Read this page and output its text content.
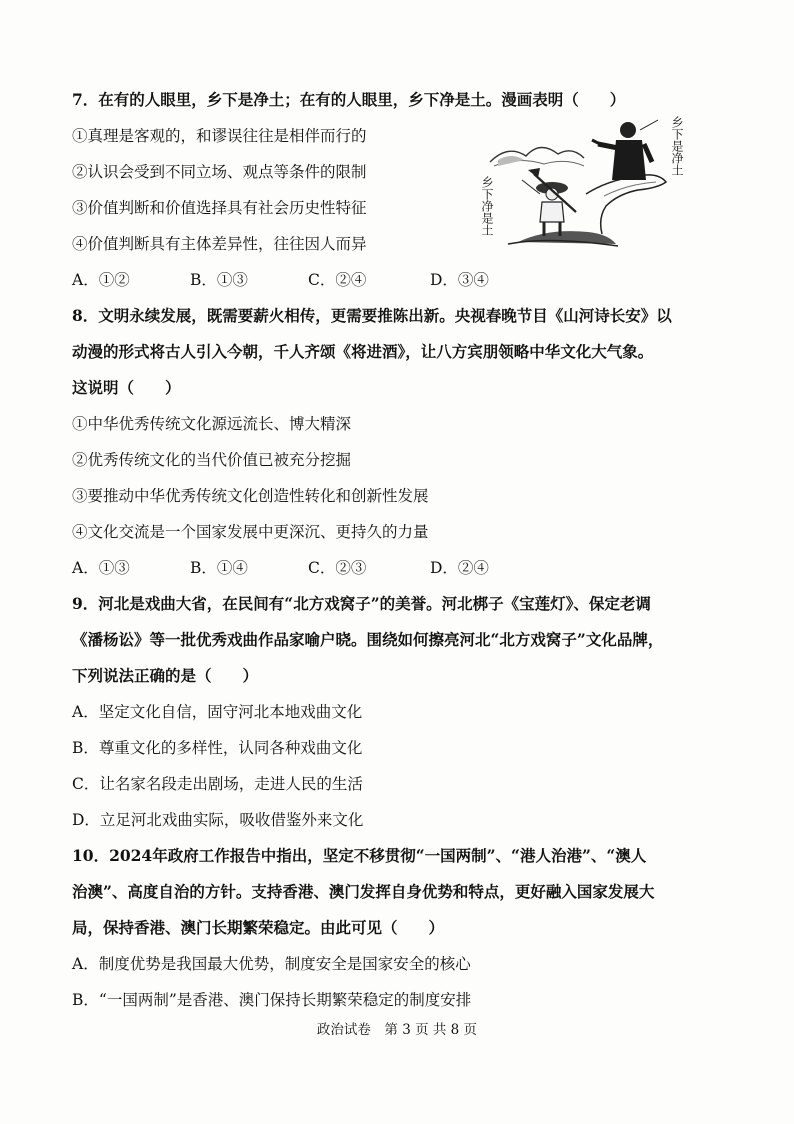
7．在有的人眼里，乡下是净土；在有的人眼里，乡下净是土。漫画表明（　　）
①真理是客观的，和谬误往往是相伴而行的
②认识会受到不同立场、观点等条件的限制
③价值判断和价值选择具有社会历史性特征
④价值判断具有主体差异性，往往因人而异
A．①②	B．①③	C．②④	D．③④
乡下是净土
乡下净是土
8．文明永续发展，既需要薪火相传，更需要推陈出新。央视春晚节目《山河诗长安》以
动漫的形式将古人引入今朝，千人齐颂《将进酒》，让八方宾朋领略中华文化大气象。
这说明（　　）
①中华优秀传统文化源远流长、博大精深
②优秀传统文化的当代价值已被充分挖掘
③要推动中华优秀传统文化创造性转化和创新性发展
④文化交流是一个国家发展中更深沉、更持久的力量
A．①③	B．①④	C．②③	D．②④
9．河北是戏曲大省，在民间有“北方戏窝子”的美誉。河北梆子《宝莲灯》、保定老调
《潘杨讼》等一批优秀戏曲作品家喻户晓。围绕如何擦亮河北“北方戏窝子”文化品牌，
下列说法正确的是（　　）
A．坚定文化自信，固守河北本地戏曲文化
B．尊重文化的多样性，认同各种戏曲文化
C．让名家名段走出剧场，走进人民的生活
D．立足河北戏曲实际，吸收借鉴外来文化
10．2024年政府工作报告中指出，坚定不移贯彻“一国两制”、“港人治港”、“澳人
治澳”、高度自治的方针。支持香港、澳门发挥自身优势和特点，更好融入国家发展大
局，保持香港、澳门长期繁荣稳定。由此可见（　　）
A．制度优势是我国最大优势，制度安全是国家安全的核心
B．“一国两制”是香港、澳门保持长期繁荣稳定的制度安排
政治试卷　第 3 页 共 8 页
